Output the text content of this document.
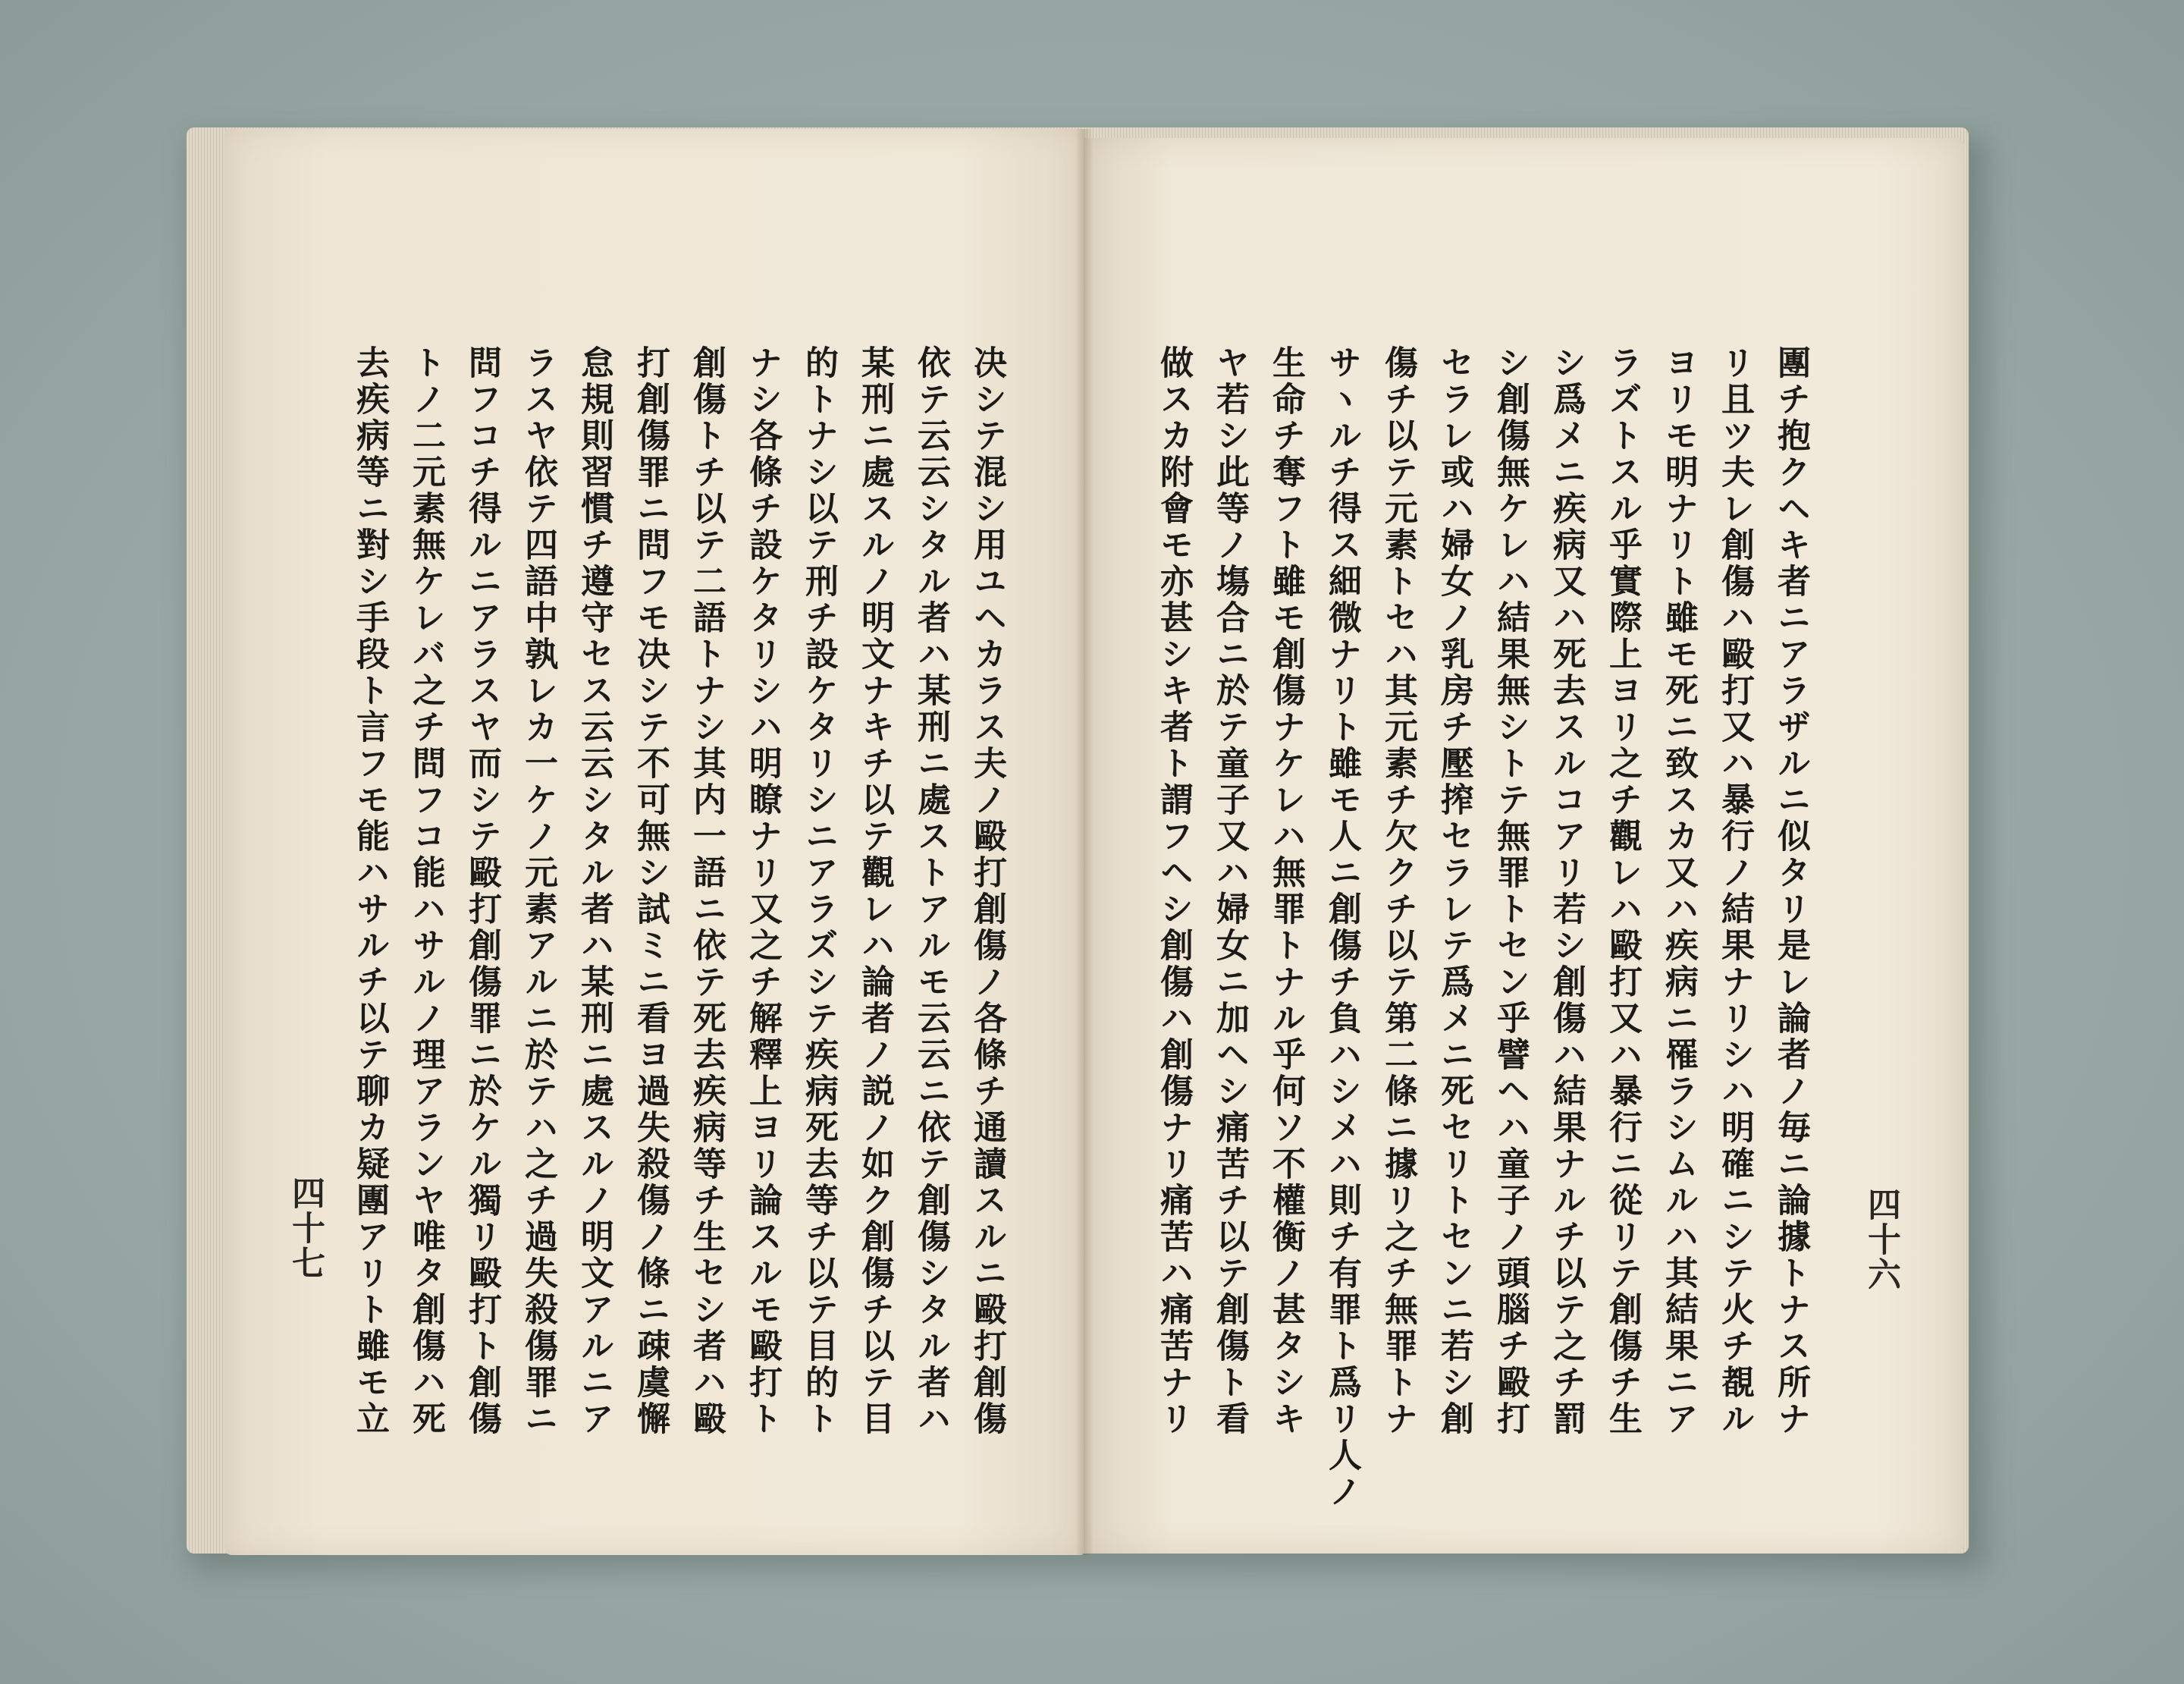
團チ抱クヘキ者ニアラザルニ似タリ是レ論者ノ毎ニ論據トナス所ナ
リ且ツ夫レ創傷ハ毆打又ハ暴行ノ結果ナリシハ明確ニシテ火チ覩ル
ヨリモ明ナリト雖モ死ニ致スカ又ハ疾病ニ罹ラシムルハ其結果ニア
ラズトスル乎實際上ヨリ之チ觀レハ毆打又ハ暴行ニ從リテ創傷チ生
シ爲メニ疾病又ハ死去スルコアリ若シ創傷ハ結果ナルチ以テ之チ罰
シ創傷無ケレハ結果無シトテ無罪トセン乎譬ヘハ童子ノ頭腦チ毆打
セラレ或ハ婦女ノ乳房チ壓搾セラレテ爲メニ死セリトセンニ若シ創
傷チ以テ元素トセハ其元素チ欠クチ以テ第二條ニ據リ之チ無罪トナ
サヽルチ得ス細微ナリト雖モ人ニ創傷チ負ハシメハ則チ有罪ト爲リ人ノ
生命チ奪フト雖モ創傷ナケレハ無罪トナル乎何ソ不權衡ノ甚タシキ
ヤ若シ此等ノ塲合ニ於テ童子又ハ婦女ニ加ヘシ痛苦チ以テ創傷ト看
做スカ附會モ亦甚シキ者ト謂フヘシ創傷ハ創傷ナリ痛苦ハ痛苦ナリ	四十六
决シテ混シ用ユヘカラス夫ノ毆打創傷ノ各條チ通讀スルニ毆打創傷
依テ云云シタル者ハ某刑ニ處ストアルモ云云ニ依テ創傷シタル者ハ
某刑ニ處スルノ明文ナキチ以テ觀レハ論者ノ説ノ如ク創傷チ以テ目
的トナシ以テ刑チ設ケタリシニアラズシテ疾病死去等チ以テ目的ト
ナシ各條チ設ケタリシハ明瞭ナリ又之チ解釋上ヨリ論スルモ毆打ト
創傷トチ以テ二語トナシ其内一語ニ依テ死去疾病等チ生セシ者ハ毆
打創傷罪ニ問フモ决シテ不可無シ試ミニ看ヨ過失殺傷ノ條ニ疎虞懈
怠規則習慣チ遵守セス云云シタル者ハ某刑ニ處スルノ明文アルニア
ラスヤ依テ四語中孰レカ一ケノ元素アルニ於テハ之チ過失殺傷罪ニ
問フコチ得ルニアラスヤ而シテ毆打創傷罪ニ於ケル獨リ毆打ト創傷
トノ二元素無ケレバ之チ問フコ能ハサルノ理アランヤ唯タ創傷ハ死
去疾病等ニ對シ手段ト言フモ能ハサルチ以テ聊カ疑團アリト雖モ立
四十七
